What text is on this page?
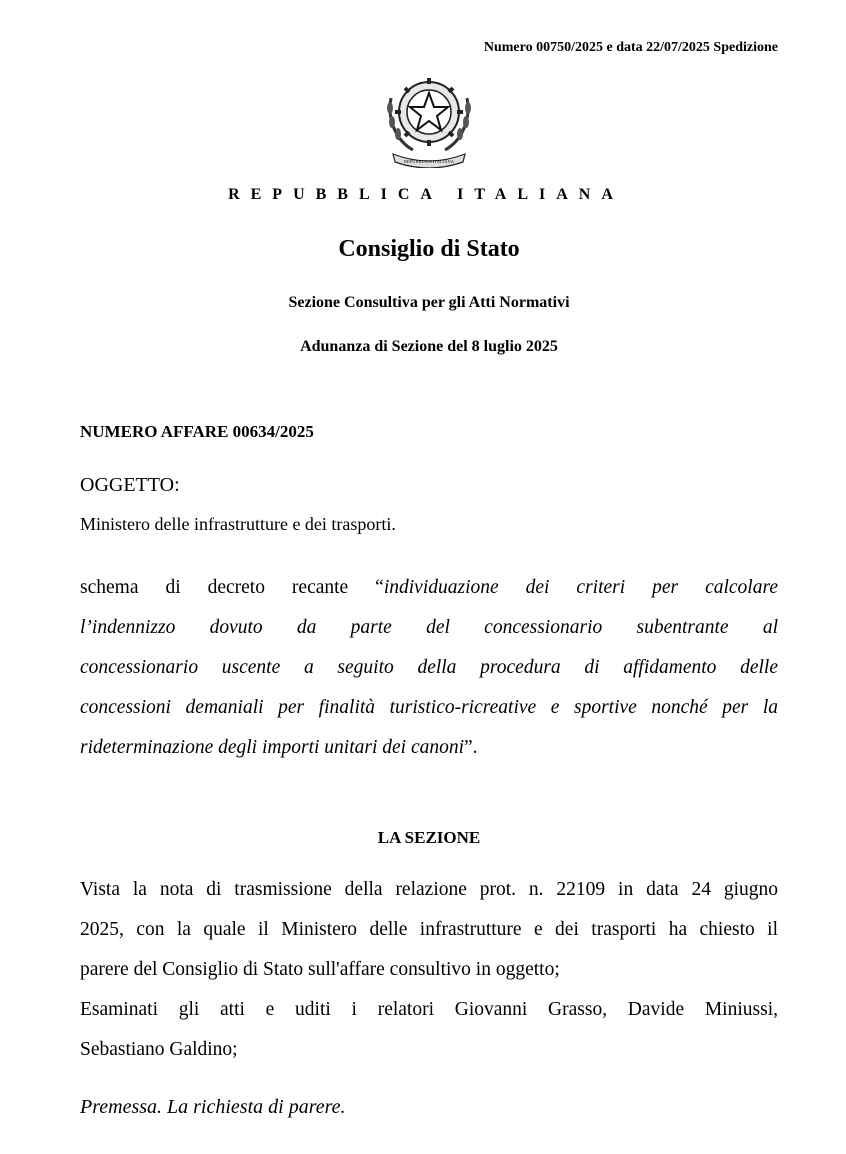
Numero 00750/2025 e data 22/07/2025 Spedizione
REPUBBLICA ITALIANA
REPUBBLICA ITALIANA
Consiglio di Stato
Sezione Consultiva per gli Atti Normativi
Adunanza di Sezione del 8 luglio 2025
NUMERO AFFARE 00634/2025
OGGETTO:
Ministero delle infrastrutture e dei trasporti.
schema di decreto recante “individuazione dei criteri per calcolare
l’indennizzo dovuto da parte del concessionario subentrante al
concessionario uscente a seguito della procedura di affidamento delle
concessioni demaniali per finalità turistico-ricreative e sportive nonché per la
rideterminazione degli importi unitari dei canoni”.
LA SEZIONE
Vista la nota di trasmissione della relazione prot. n. 22109 in data 24 giugno
2025, con la quale il Ministero delle infrastrutture e dei trasporti ha chiesto il
parere del Consiglio di Stato sull'affare consultivo in oggetto;
Esaminati gli atti e uditi i relatori Giovanni Grasso, Davide Miniussi,
Sebastiano Galdino;
Premessa. La richiesta di parere.
